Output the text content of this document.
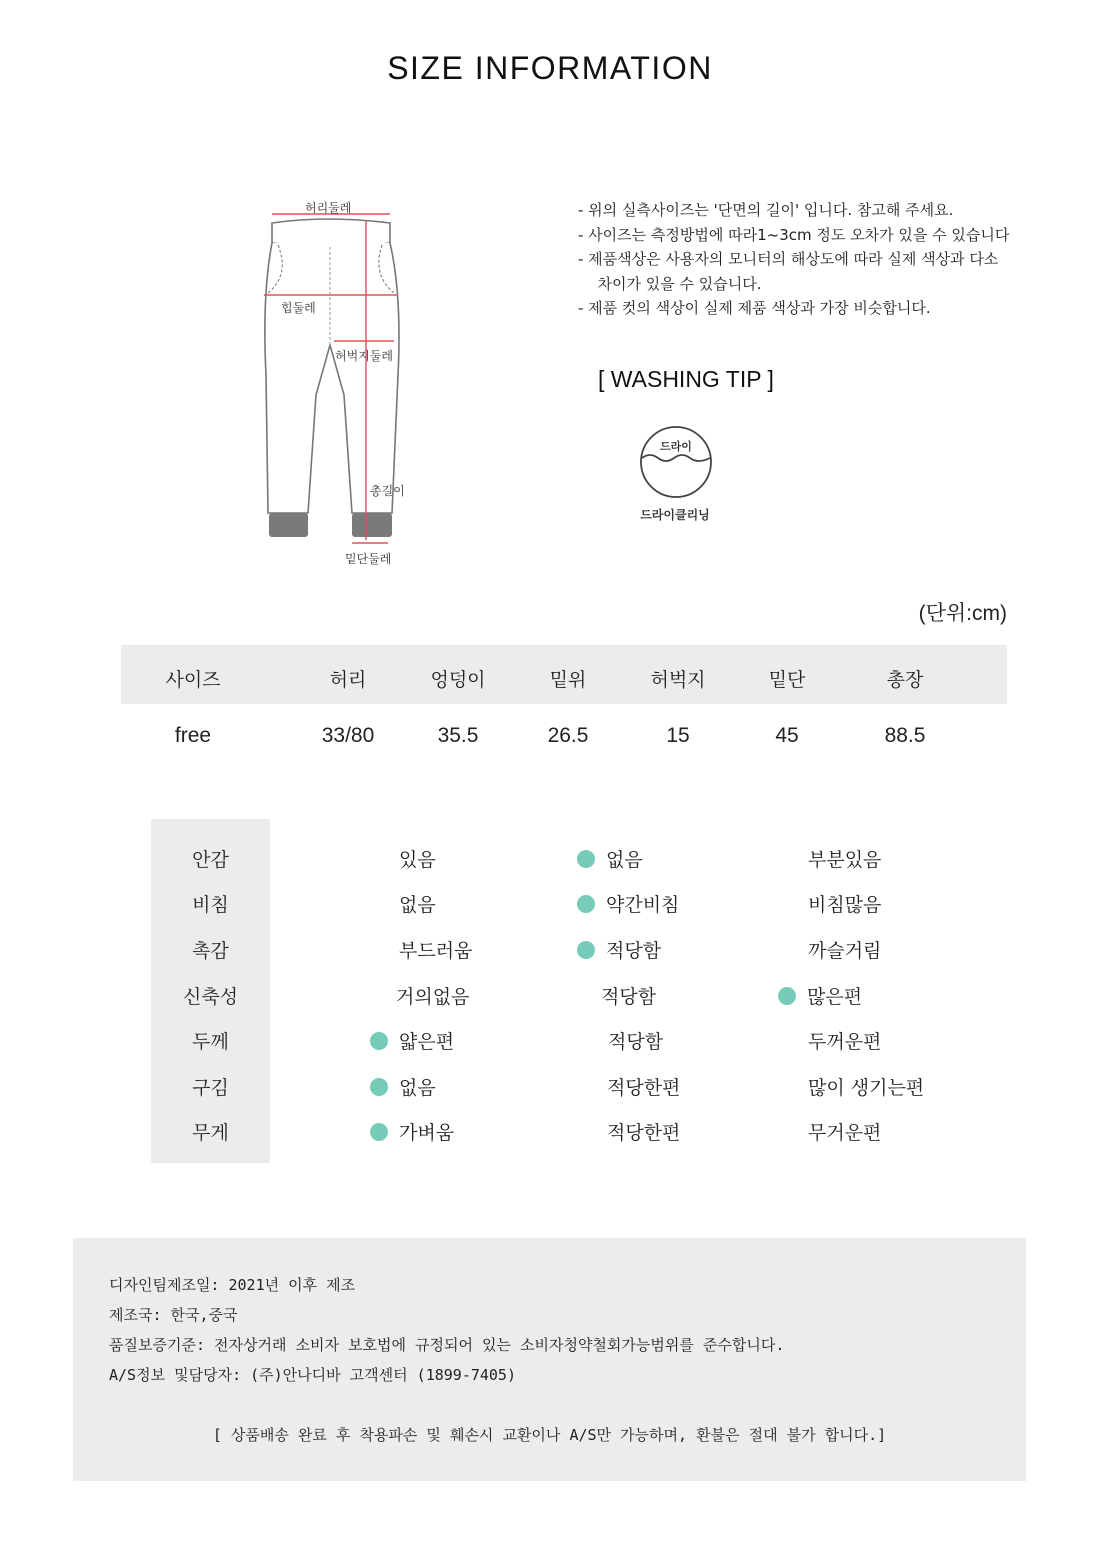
SIZE INFORMATION
허리둘레
힙둘레
허벅지둘레
총길이
밑단둘레
- 위의 실측사이즈는 '단면의 길이' 입니다. 참고해 주세요.
- 사이즈는 측정방법에 따라1~3cm 정도 오차가 있을 수 있습니다
- 제품색상은 사용자의 모니터의 해상도에 따라 실제 색상과 다소
차이가 있을 수 있습니다.
- 제품 컷의 색상이 실제 제품 색상과 가장 비슷합니다.
[ WASHING TIP ]
드라이
드라이클리닝
(단위:cm)
사이즈	허리	엉덩이	밑위	허벅지	밑단	총장
free	33/80	35.5	26.5	15	45	88.5
안감	있음	없음	부분있음
비침	없음	약간비침	비침많음
촉감	부드러움	적당함	까슬거림
신축성	거의없음	적당함	많은편
두께	얇은편	적당함	두꺼운편
구김	없음	적당한편	많이 생기는편
무게	가벼움	적당한편	무거운편
디자인팀제조일: 2021년 이후 제조
제조국: 한국,중국
품질보증기준: 전자상거래 소비자 보호법에 규정되어 있는 소비자청약철회가능범위를 준수합니다.
A/S정보 및담당자: (주)안나디바 고객센터 (1899-7405)
[ 상품배송 완료 후 착용파손 및 훼손시 교환이나 A/S만 가능하며, 환불은 절대 불가 합니다.]
